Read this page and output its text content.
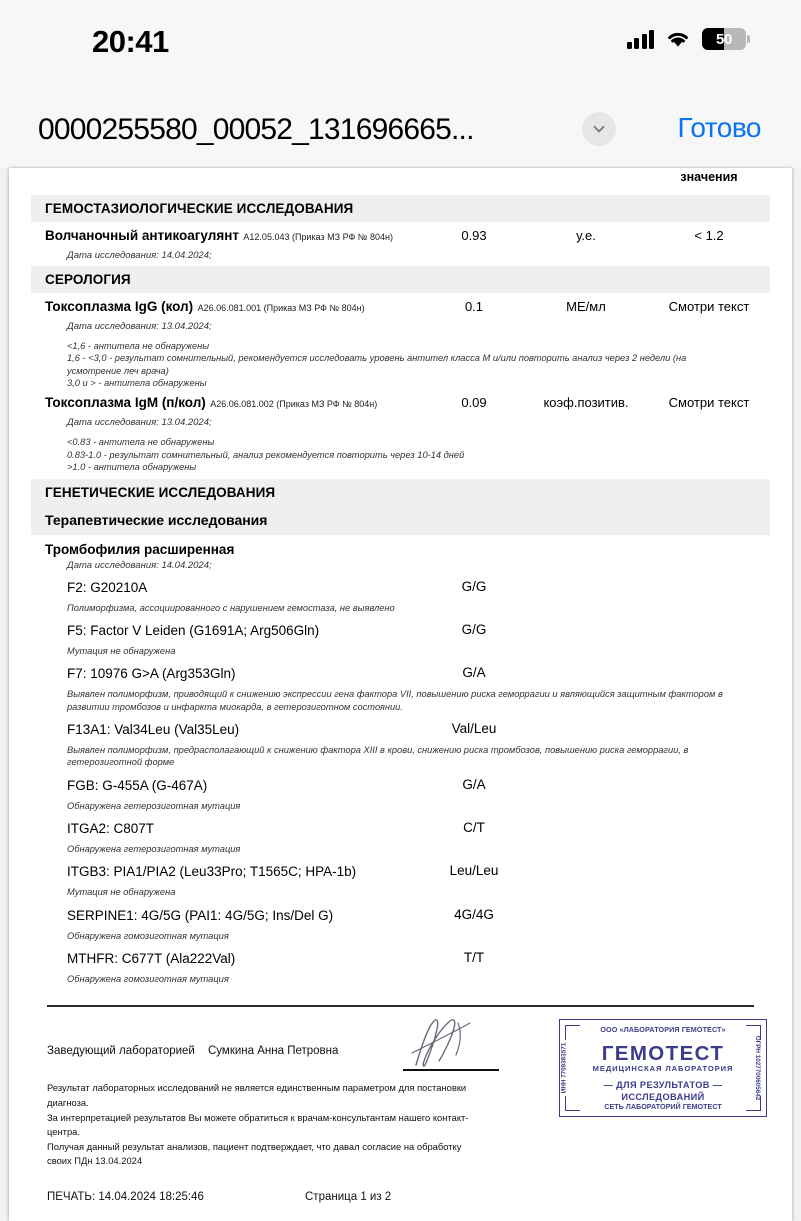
20:41	50
0000255580_00052_131696665...	Готово
значения
ГЕМОСТАЗИОЛОГИЧЕСКИЕ ИССЛЕДОВАНИЯ
Волчаночный антикоагулянт A12.05.043 (Приказ МЗ РФ № 804н)	0.93	у.е.	< 1.2
Дата исследования: 14.04.2024;
СЕРОЛОГИЯ
Токсоплазма IgG (кол) A26.06.081.001 (Приказ МЗ РФ № 804н)	0.1	МЕ/мл	Смотри текст
Дата исследования: 13.04.2024;
<1,6 - антитела не обнаружены
1,6 - <3,0 - результат сомнительный, рекомендуется исследовать уровень антител класса M и/или повторить анализ через 2 недели (на усмотрение леч врача)
3,0 и > - антитела обнаружены
Токсоплазма IgM (п/кол) A26.06.081.002 (Приказ МЗ РФ № 804н)	0.09	коэф.позитив.	Смотри текст
Дата исследования: 13.04.2024;
<0.83 - антитела не обнаружены
0.83-1.0 - результат сомнительный, анализ рекомендуется повторить через 10-14 дней
>1.0 - антитела обнаружены
ГЕНЕТИЧЕСКИЕ ИССЛЕДОВАНИЯ
Терапевтические исследования
Тромбофилия расширенная
Дата исследования: 14.04.2024;
F2: G20210A	G/G
Полиморфизма, ассоциированного с нарушением гемостаза, не выявлено
F5: Factor V Leiden (G1691A; Arg506Gln)	G/G
Мутация не обнаружена
F7: 10976 G>A (Arg353Gln)	G/A
Выявлен полиморфизм, приводящий к снижению экспрессии гена фактора VII, повышению риска геморрагии и являющийся защитным фактором в развитии тромбозов и инфаркта миокарда, в гетерозиготном состоянии.
F13A1: Val34Leu (Val35Leu)	Val/Leu
Выявлен полиморфизм, предрасполагающий к снижению фактора XIII в крови, снижению риска тромбозов, повышению риска геморрагии, в гетерозиготной форме
FGB: G-455A (G-467A)	G/A
Обнаружена гетерозиготная мутация
ITGA2: C807T	C/T
Обнаружена гетерозиготная мутация
ITGB3: PIA1/PIA2 (Leu33Pro; T1565C; HPA-1b)	Leu/Leu
Мутация не обнаружена
SERPINE1: 4G/5G (PAI1: 4G/5G; Ins/Del G)	4G/4G
Обнаружена гомозиготная мутация
MTHFR: C677T (Ala222Val)	T/T
Обнаружена гомозиготная мутация
Заведующий лабораторией Сумкина Анна Петровна
ООО «ЛАБОРАТОРИЯ ГЕМОТЕСТ»
ГЕМОТЕСТ
МЕДИЦИНСКАЯ ЛАБОРАТОРИЯ
— ДЛЯ РЕЗУЛЬТАТОВ —
ИССЛЕДОВАНИЙ
СЕТЬ ЛАБОРАТОРИЙ ГЕМОТЕСТ
ИНН 7709383571	ОГРН 1027700605642
Результат лабораторных исследований не является единственным параметром для постановки диагноза.
За интерпретацией результатов Вы можете обратиться к врачам-консультантам нашего контакт-центра.
Получая данный результат анализов, пациент подтверждает, что давал согласие на обработку своих ПДн 13.04.2024
ПЕЧАТЬ: 14.04.2024 18:25:46	Страница 1 из 2
